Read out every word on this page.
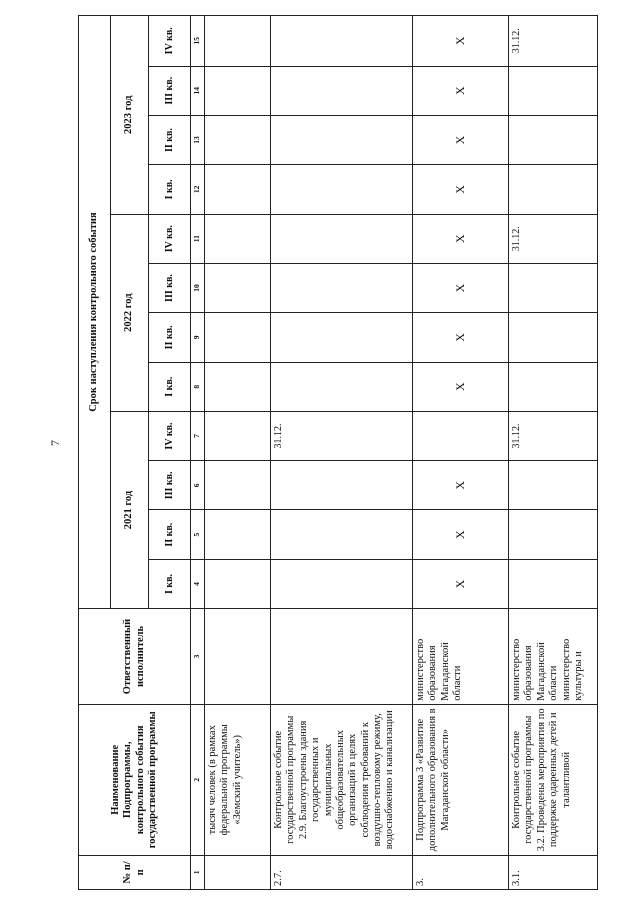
7
№ п/п	Наименование Подпрограммы, контрольного события государственной программы	Ответственный исполнитель	Срок наступления контрольного события											
			2021 год				2022 год				2023 год			
			I кв.	II кв.	III кв.	IV кв.	I кв.	II кв.	III кв.	IV кв.	I кв.	II кв.	III кв.	IV кв.
1	2	3	4	5	6	7	8	9	10	11	12	13	14	15
	тысяч человек (в рамках федеральной программы «Земский учитель»)													
2.7.	Контрольное событие государственной программы 2.9. Благоустроены здания государственных и муниципальных общеобразовательных организаций в целях соблюдения требований к воздушно-тепловому режиму, водоснабжению и канализации					31.12.								
3.	Подпрограмма 3 «Развитие дополнительного образования в Магаданской области»	министерство образования Магаданской области	X	X	X		X	X	X	X	X	X	X	X
3.1.	Контрольное событие государственной программы 3.2. Проведены мероприятия по поддержке одаренных детей и талантливой	министерство образования Магаданской области министерство культуры и				31.12.				31.12.				31.12.
